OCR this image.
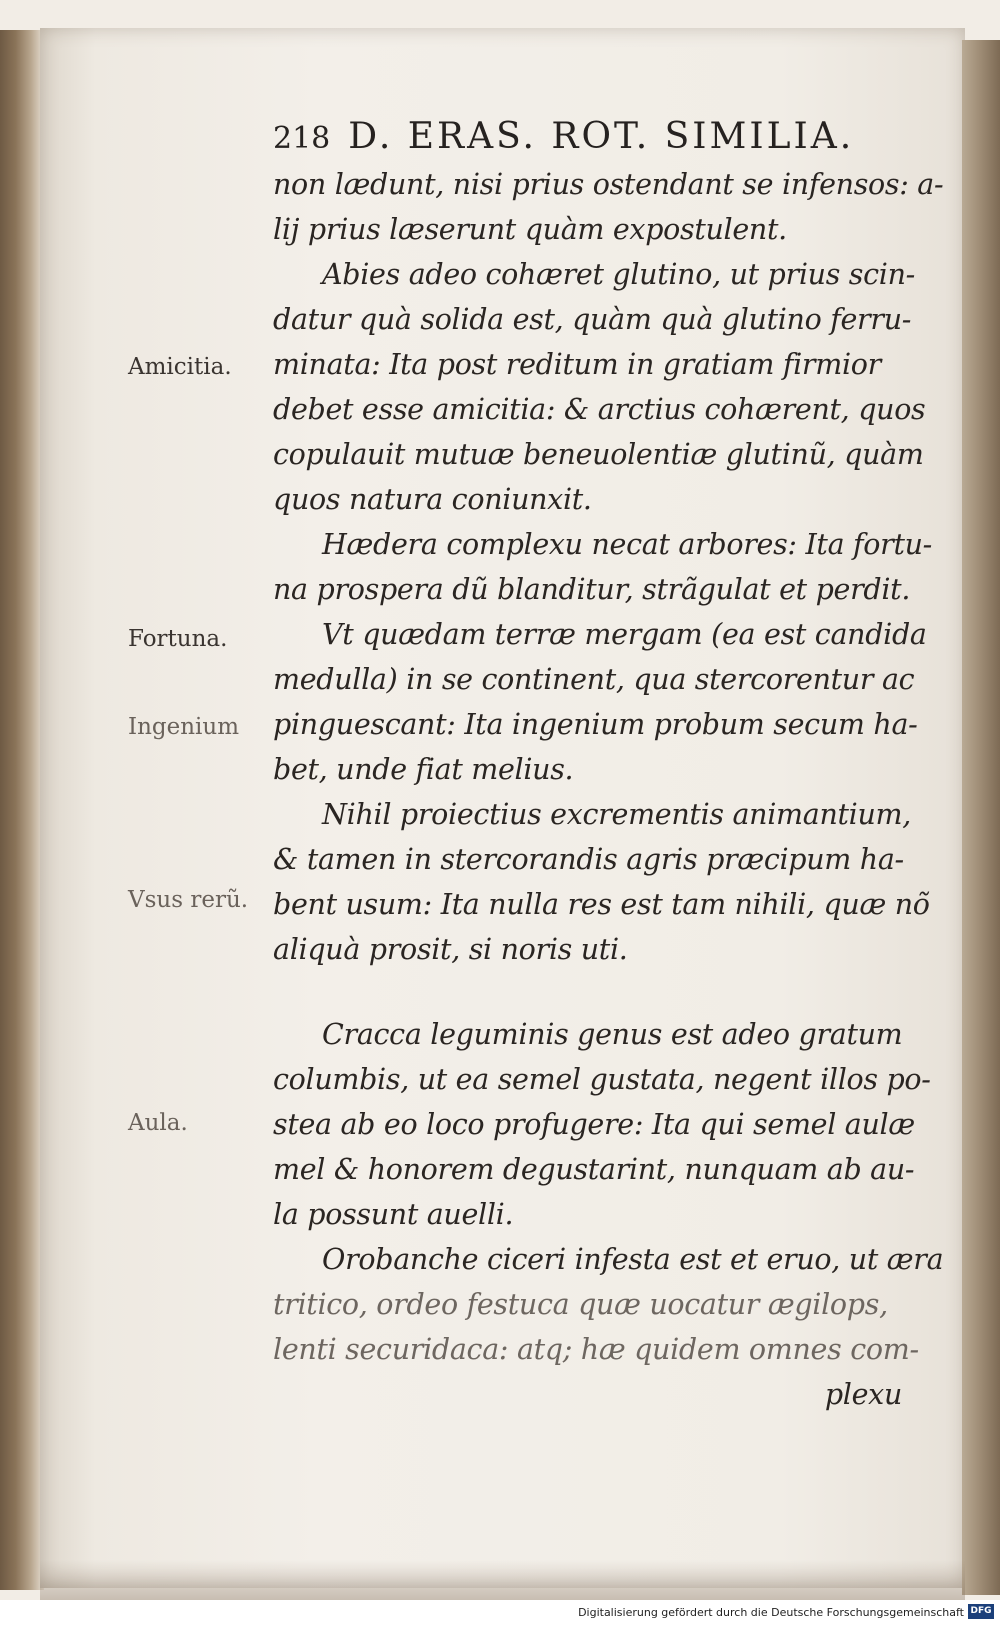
218 D. ERAS. ROT. SIMILIA.
non lædunt, nisi prius ostendant se infensos: a-
lij prius læserunt quàm expostulent.
Abies adeo cohæret glutino, ut prius scin-
datur quà solida est, quàm quà glutino ferru-
minata: Ita post reditum in gratiam firmior
debet esse amicitia: & arctius cohærent, quos
copulauit mutuæ beneuolentiæ glutinũ, quàm
quos natura coniunxit.
Hædera complexu necat arbores: Ita fortu-
na prospera dũ blanditur, strãgulat et perdit.
Vt quædam terræ mergam (ea est candida
medulla) in se continent, qua stercorentur ac
pinguescant: Ita ingenium probum secum ha-
bet, unde fiat melius.
Nihil proiectius excrementis animantium,
& tamen in stercorandis agris præcipum ha-
bent usum: Ita nulla res est tam nihili, quæ nõ
aliquà prosit, si noris uti.
Cracca leguminis genus est adeo gratum
columbis, ut ea semel gustata, negent illos po-
stea ab eo loco profugere: Ita qui semel aulæ
mel & honorem degustarint, nunquam ab au-
la possunt auelli.
Orobanche ciceri infesta est et eruo, ut æra
tritico, ordeo festuca quæ uocatur ægilops,
lenti securidaca: atq; hæ quidem omnes com-
plexu
Amicitia.
Fortuna.
Ingenium
Vsus rerũ.
Aula.
Digitalisierung gefördert durch die Deutsche Forschungsgemeinschaft DFG
